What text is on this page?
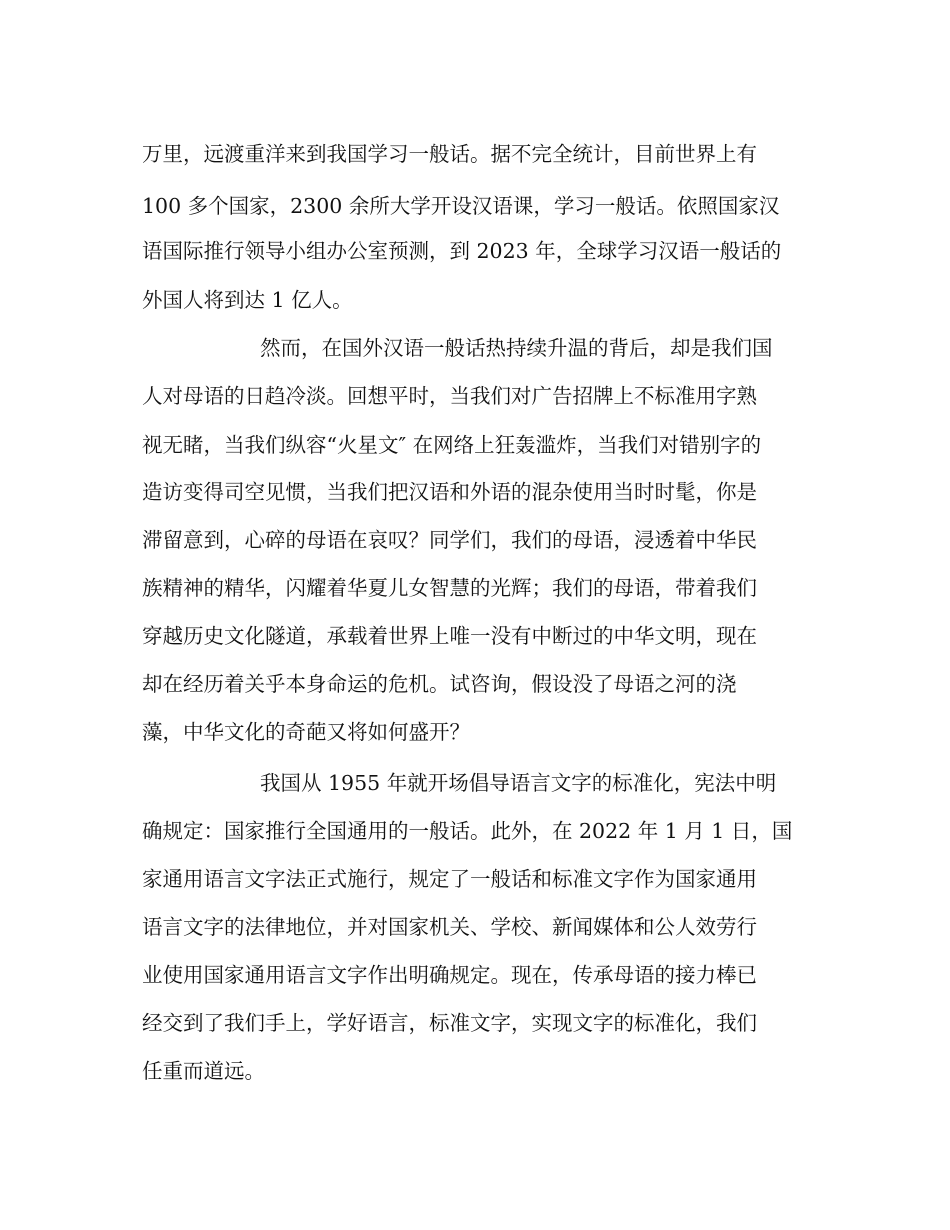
万里，远渡重洋来到我国学习一般话。据不完全统计，目前世界上有
100 多个国家，2300 余所大学开设汉语课，学习一般话。依照国家汉
语国际推行领导小组办公室预测，到 2023 年，全球学习汉语一般话的
外国人将到达 1 亿人。
然而，在国外汉语一般话热持续升温的背后，却是我们国
人对母语的日趋冷淡。回想平时，当我们对广告招牌上不标准用字熟
视无睹，当我们纵容“火星文″ 在网络上狂轰滥炸，当我们对错别字的
造访变得司空见惯，当我们把汉语和外语的混杂使用当时时髦，你是
滞留意到，心碎的母语在哀叹？同学们，我们的母语，浸透着中华民
族精神的精华，闪耀着华夏儿女智慧的光辉；我们的母语，带着我们
穿越历史文化隧道，承载着世界上唯一没有中断过的中华文明，现在
却在经历着关乎本身命运的危机。试咨询，假设没了母语之河的浇
藻，中华文化的奇葩又将如何盛开？
我国从 1955 年就开场倡导语言文字的标准化，宪法中明
确规定：国家推行全国通用的一般话。此外，在 2022 年 1 月 1 日，国
家通用语言文字法正式施行，规定了一般话和标准文字作为国家通用
语言文字的法律地位，并对国家机关、学校、新闻媒体和公人效劳行
业使用国家通用语言文字作出明确规定。现在，传承母语的接力棒已
经交到了我们手上，学好语言，标准文字，实现文字的标准化，我们
任重而道远。
